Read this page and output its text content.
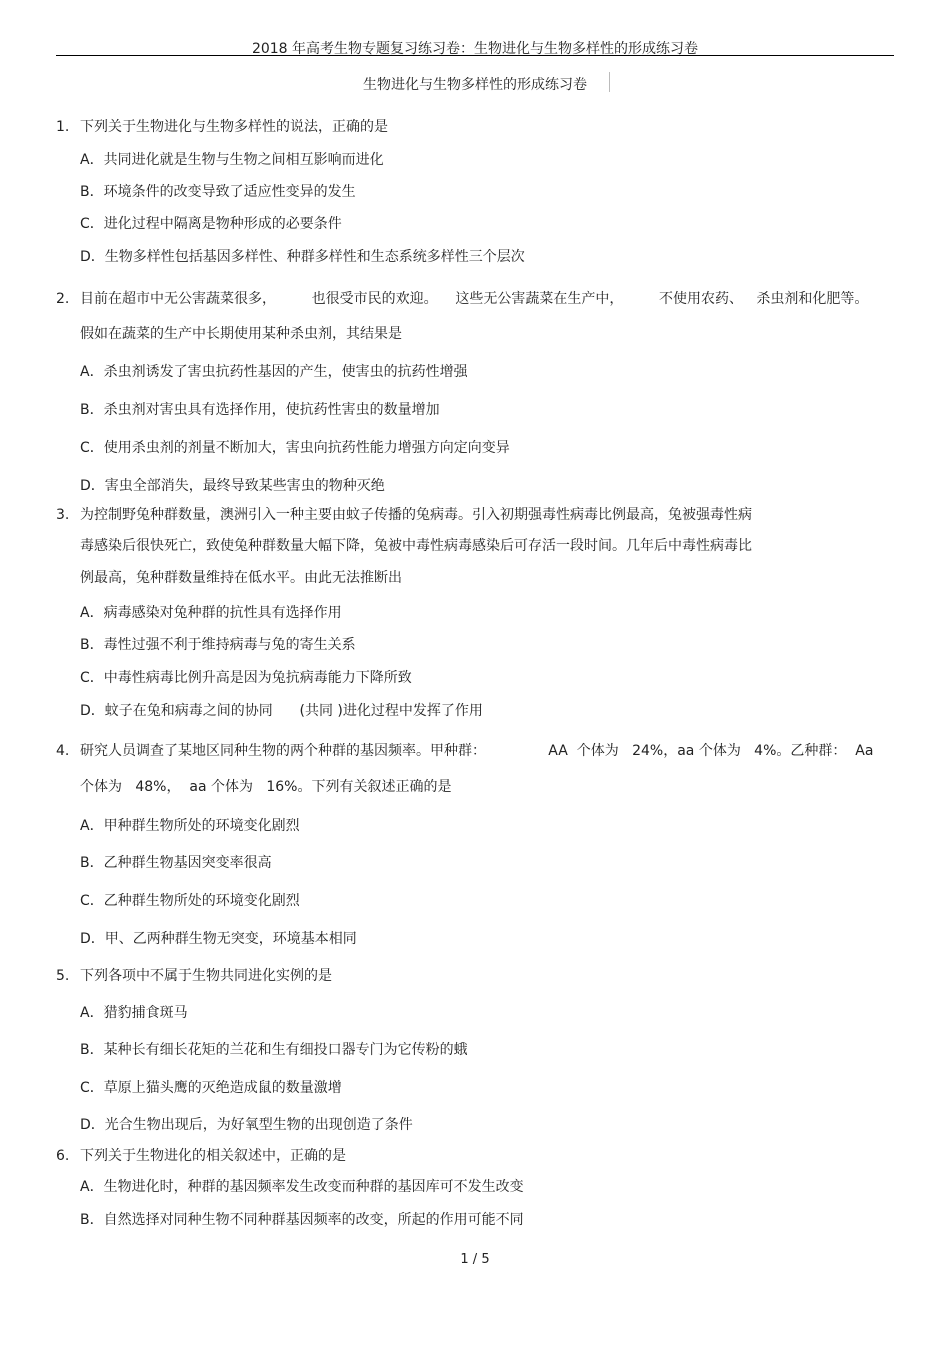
2018 年高考生物专题复习练习卷：生物进化与生物多样性的形成练习卷
生物进化与生物多样性的形成练习卷
1. 下列关于生物进化与生物多样性的说法，正确的是
A．共同进化就是生物与生物之间相互影响而进化
B．环境条件的改变导致了适应性变异的发生
C．进化过程中隔离是物种形成的必要条件
D．生物多样性包括基因多样性、种群多样性和生态系统多样性三个层次
2. 目前在超市中无公害蔬菜很多，        也很受市民的欢迎。    这些无公害蔬菜在生产中，        不使用农药、   杀虫剂和化肥等。
假如在蔬菜的生产中长期使用某种杀虫剂，其结果是
A．杀虫剂诱发了害虫抗药性基因的产生，使害虫的抗药性增强
B．杀虫剂对害虫具有选择作用，使抗药性害虫的数量增加
C．使用杀虫剂的剂量不断加大，害虫向抗药性能力增强方向定向变异
D．害虫全部消失，最终导致某些害虫的物种灭绝
3. 为控制野兔种群数量，澳洲引入一种主要由蚊子传播的兔病毒。引入初期强毒性病毒比例最高，兔被强毒性病
毒感染后很快死亡，致使兔种群数量大幅下降，兔被中毒性病毒感染后可存活一段时间。几年后中毒性病毒比
例最高，兔种群数量维持在低水平。由此无法推断出
A．病毒感染对兔种群的抗性具有选择作用
B．毒性过强不利于维持病毒与兔的寄生关系
C．中毒性病毒比例升高是因为兔抗病毒能力下降所致
D．蚊子在兔和病毒之间的协同      (共同 )进化过程中发挥了作用
4. 研究人员调查了某地区同种生物的两个种群的基因频率。甲种群：              AA  个体为   24%，aa 个体为   4%。乙种群：  Aa
个体为   48%，  aa 个体为   16%。下列有关叙述正确的是
A．甲种群生物所处的环境变化剧烈
B．乙种群生物基因突变率很高
C．乙种群生物所处的环境变化剧烈
D．甲、乙两种群生物无突变，环境基本相同
5. 下列各项中不属于生物共同进化实例的是
A．猎豹捕食斑马
B．某种长有细长花矩的兰花和生有细投口器专门为它传粉的蛾
C．草原上猫头鹰的灭绝造成鼠的数量激增
D．光合生物出现后，为好氧型生物的出现创造了条件
6. 下列关于生物进化的相关叙述中，正确的是
A．生物进化时，种群的基因频率发生改变而种群的基因库可不发生改变
B．自然选择对同种生物不同种群基因频率的改变，所起的作用可能不同
1 / 5
